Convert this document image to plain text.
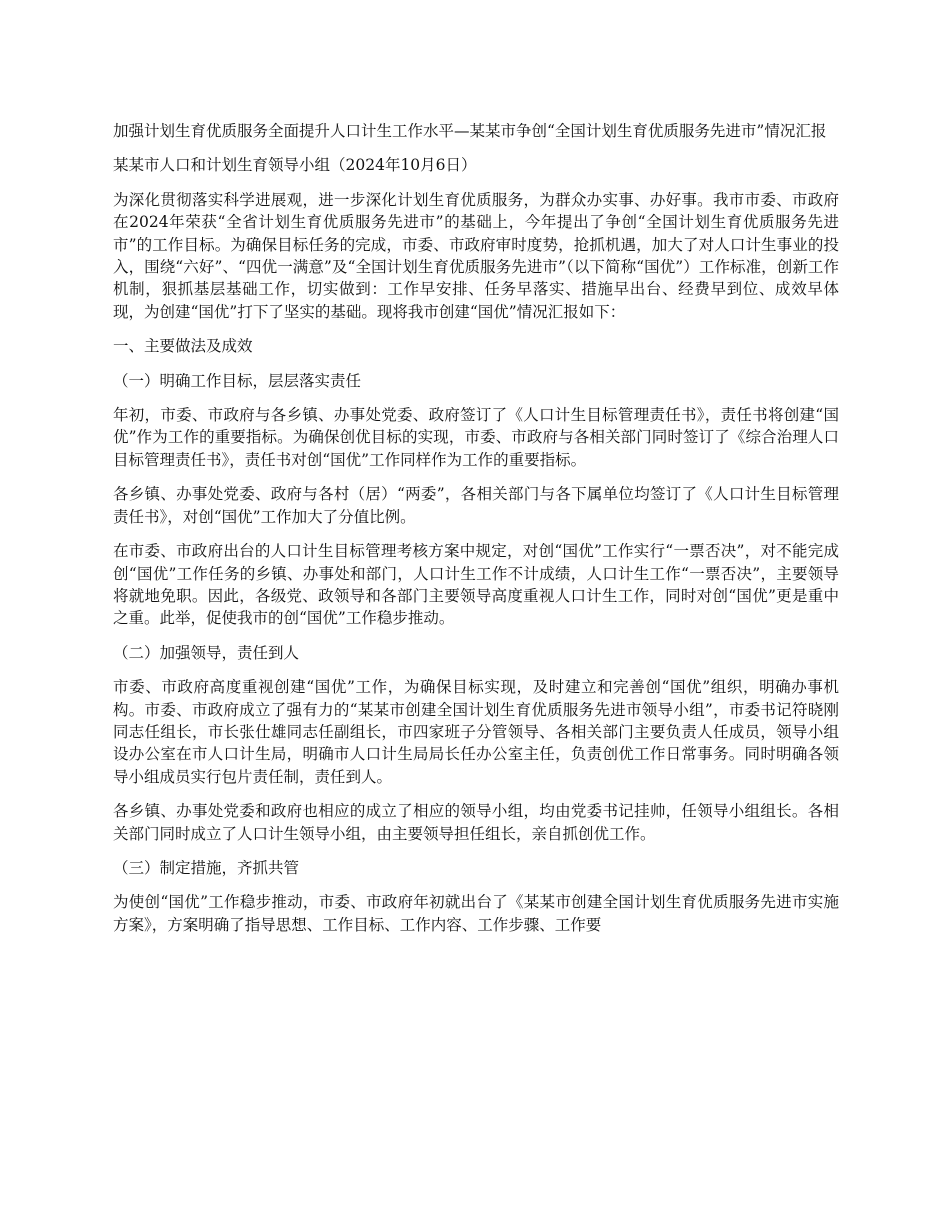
加强计划生育优质服务全面提升人口计生工作水平—某某市争创“全国计划生育优质服务先进市”情况汇报

某某市人口和计划生育领导小组（2024年10月6日）

为深化贯彻落实科学进展观，进一步深化计划生育优质服务，为群众办实事、办好事。我市市委、市政府在2024年荣获“全省计划生育优质服务先进市”的基础上，今年提出了争创“全国计划生育优质服务先进市”的工作目标。为确保目标任务的完成，市委、市政府审时度势，抢抓机遇，加大了对人口计生事业的投入，围绕“六好”、“四优一满意”及“全国计划生育优质服务先进市”（以下简称“国优”）工作标准，创新工作机制，狠抓基层基础工作，切实做到：工作早安排、任务早落实、措施早出台、经费早到位、成效早体现，为创建“国优”打下了坚实的基础。现将我市创建“国优”情况汇报如下：

一、主要做法及成效

（一）明确工作目标，层层落实责任

年初，市委、市政府与各乡镇、办事处党委、政府签订了《人口计生目标管理责任书》，责任书将创建“国优”作为工作的重要指标。为确保创优目标的实现，市委、市政府与各相关部门同时签订了《综合治理人口目标管理责任书》，责任书对创“国优”工作同样作为工作的重要指标。

各乡镇、办事处党委、政府与各村（居）“两委”，各相关部门与各下属单位均签订了《人口计生目标管理责任书》，对创“国优”工作加大了分值比例。

在市委、市政府出台的人口计生目标管理考核方案中规定，对创“国优”工作实行“一票否决”，对不能完成创“国优”工作任务的乡镇、办事处和部门，人口计生工作不计成绩，人口计生工作“一票否决”，主要领导将就地免职。因此，各级党、政领导和各部门主要领导高度重视人口计生工作，同时对创“国优”更是重中之重。此举，促使我市的创“国优”工作稳步推动。

（二）加强领导，责任到人

市委、市政府高度重视创建“国优”工作，为确保目标实现，及时建立和完善创“国优”组织，明确办事机构。市委、市政府成立了强有力的“某某市创建全国计划生育优质服务先进市领导小组”，市委书记符晓刚同志任组长，市长张仕雄同志任副组长，市四家班子分管领导、各相关部门主要负责人任成员，领导小组设办公室在市人口计生局，明确市人口计生局局长任办公室主任，负责创优工作日常事务。同时明确各领导小组成员实行包片责任制，责任到人。

各乡镇、办事处党委和政府也相应的成立了相应的领导小组，均由党委书记挂帅，任领导小组组长。各相关部门同时成立了人口计生领导小组，由主要领导担任组长，亲自抓创优工作。

（三）制定措施，齐抓共管

为使创“国优”工作稳步推动，市委、市政府年初就出台了《某某市创建全国计划生育优质服务先进市实施方案》，方案明确了指导思想、工作目标、工作内容、工作步骤、工作要
